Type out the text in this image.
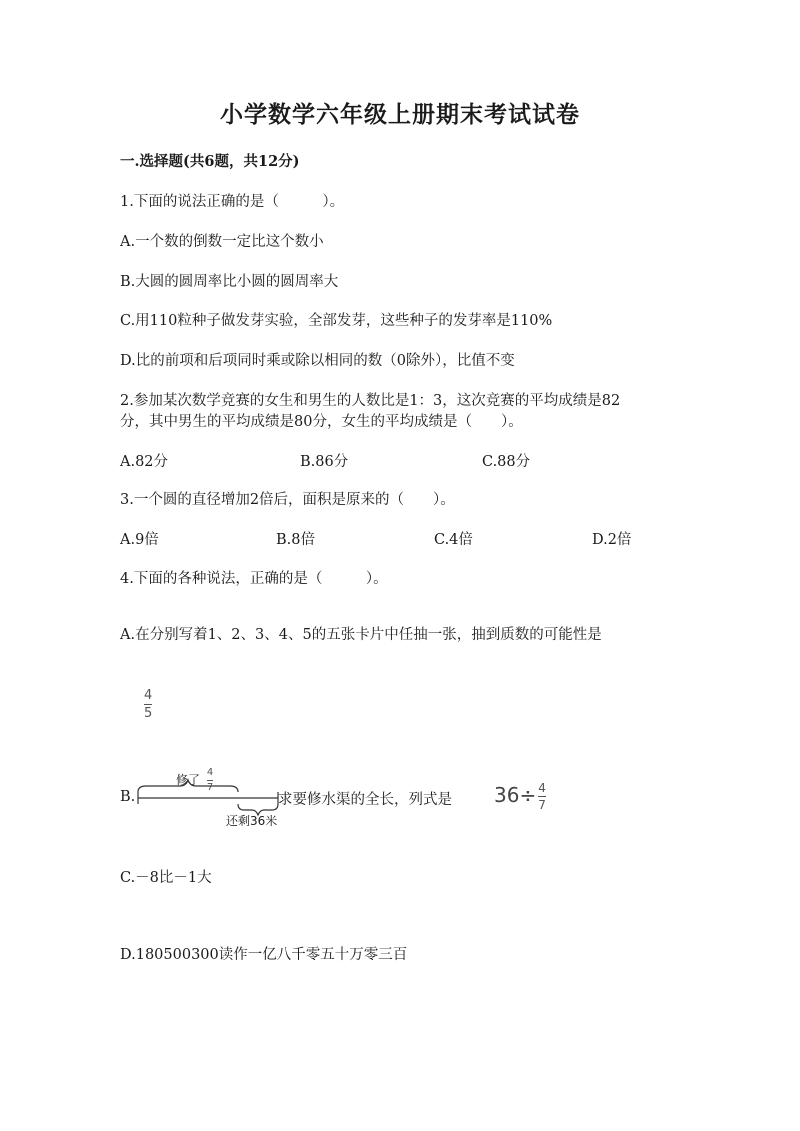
小学数学六年级上册期末考试试卷
一.选择题(共6题，共12分)
1.下面的说法正确的是（　　　）。
A.一个数的倒数一定比这个数小
B.大圆的圆周率比小圆的圆周率大
C.用110粒种子做发芽实验，全部发芽，这些种子的发芽率是110%
D.比的前项和后项同时乘或除以相同的数（0除外），比值不变
2.参加某次数学竞赛的女生和男生的人数比是1：3，这次竞赛的平均成绩是82
分，其中男生的平均成绩是80分，女生的平均成绩是（　　）。
A.82分	B.86分	C.88分
3.一个圆的直径增加2倍后，面积是原来的（　　）。
A.9倍	B.8倍	C.4倍	D.2倍
4.下面的各种说法，正确的是（　　　）。
A.在分别写着1、2、3、4、5的五张卡片中任抽一张，抽到质数的可能性是
$\frac{4}{5}$
B.
修了 $\frac{4}{7}$
还剩36米
求要修水渠的全长，列式是 $36\div \frac{4}{7}$
C.－8比－1大
D.180500300读作一亿八千零五十万零三百
